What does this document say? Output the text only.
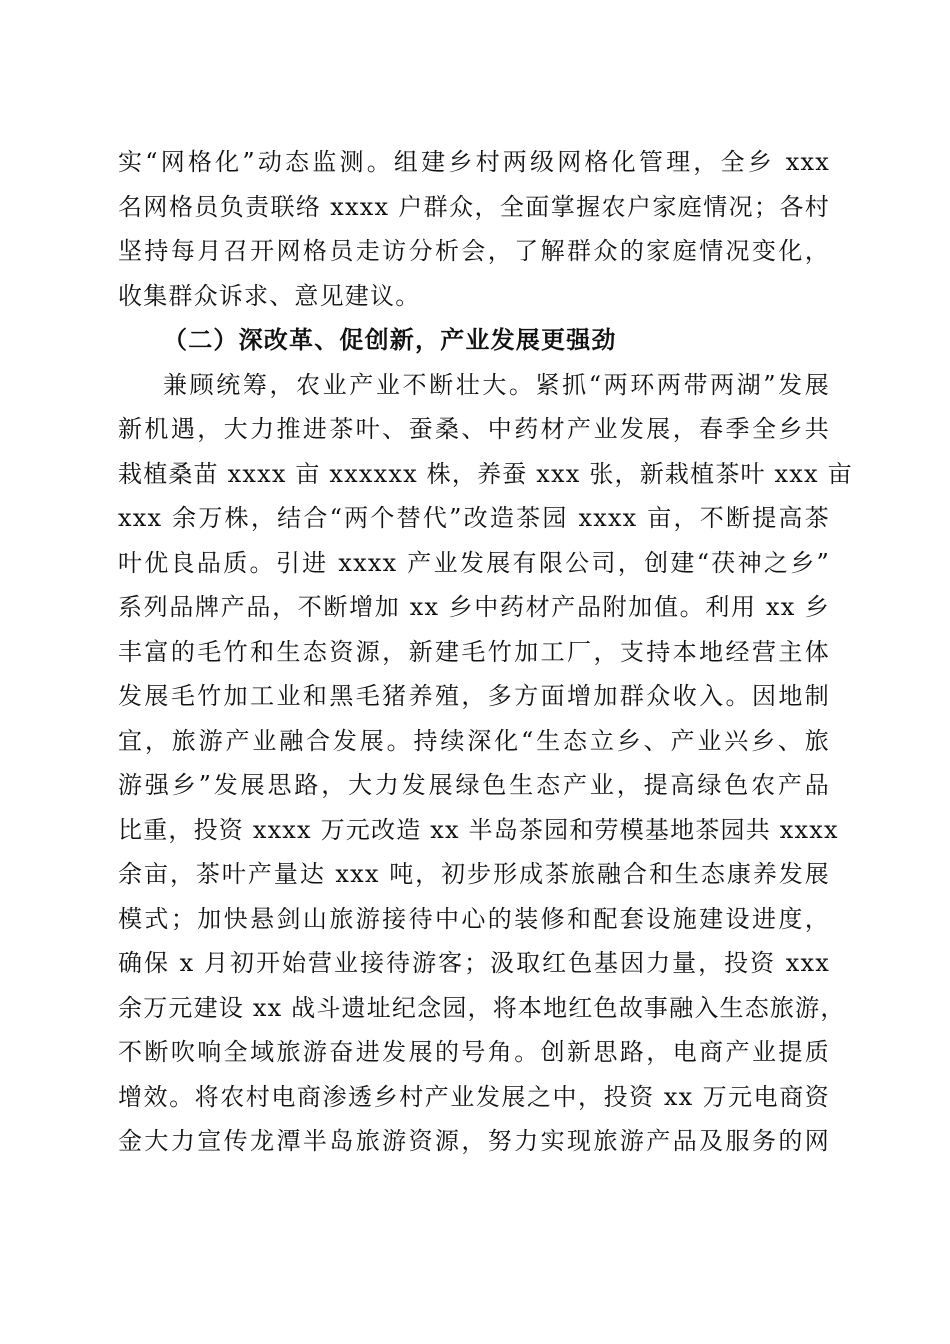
实“网格化”动态监测。组建乡村两级网格化管理，全乡 xxx
名网格员负责联络 xxxx 户群众，全面掌握农户家庭情况；各村
坚持每月召开网格员走访分析会，了解群众的家庭情况变化，
收集群众诉求、意见建议。
（二）深改革、促创新，产业发展更强劲
兼顾统筹，农业产业不断壮大。紧抓“两环两带两湖”发展
新机遇，大力推进茶叶、蚕桑、中药材产业发展，春季全乡共
栽植桑苗 xxxx 亩 xxxxxx 株，养蚕 xxx 张，新栽植茶叶 xxx 亩
xxx 余万株，结合“两个替代”改造茶园 xxxx 亩，不断提高茶
叶优良品质。引进 xxxx 产业发展有限公司，创建“茯神之乡”
系列品牌产品，不断增加 xx 乡中药材产品附加值。利用 xx 乡
丰富的毛竹和生态资源，新建毛竹加工厂，支持本地经营主体
发展毛竹加工业和黑毛猪养殖，多方面增加群众收入。因地制
宜，旅游产业融合发展。持续深化“生态立乡、产业兴乡、旅
游强乡”发展思路，大力发展绿色生态产业，提高绿色农产品
比重，投资 xxxx 万元改造 xx 半岛茶园和劳模基地茶园共 xxxx
余亩，茶叶产量达 xxx 吨，初步形成茶旅融合和生态康养发展
模式；加快悬剑山旅游接待中心的装修和配套设施建设进度，
确保 x 月初开始营业接待游客；汲取红色基因力量，投资 xxx
余万元建设 xx 战斗遗址纪念园，将本地红色故事融入生态旅游，
不断吹响全域旅游奋进发展的号角。创新思路，电商产业提质
增效。将农村电商渗透乡村产业发展之中，投资 xx 万元电商资
金大力宣传龙潭半岛旅游资源，努力实现旅游产品及服务的网
